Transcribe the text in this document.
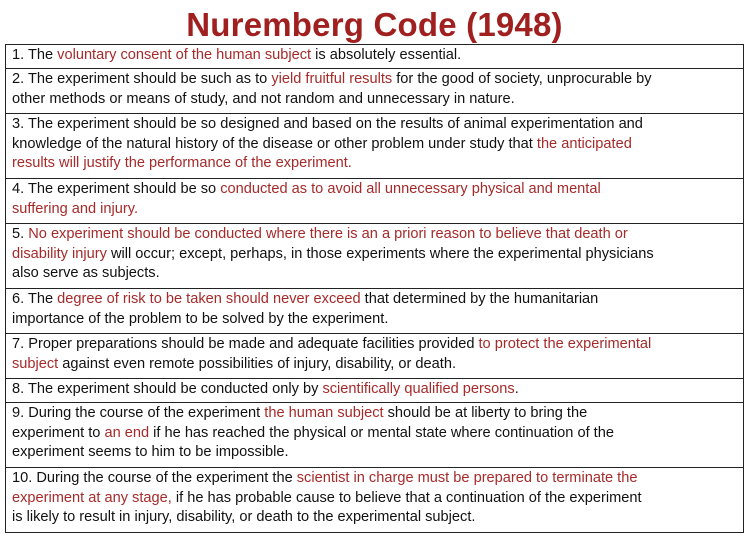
Nuremberg Code (1948)
1. The voluntary consent of the human subject is absolutely essential.
2. The experiment should be such as to yield fruitful results for the good of society, unprocurable by
other methods or means of study, and not random and unnecessary in nature.
3. The experiment should be so designed and based on the results of animal experimentation and
knowledge of the natural history of the disease or other problem under study that the anticipated
results will justify the performance of the experiment.
4. The experiment should be so conducted as to avoid all unnecessary physical and mental
suffering and injury.
5. No experiment should be conducted where there is an a priori reason to believe that death or
disability injury will occur; except, perhaps, in those experiments where the experimental physicians
also serve as subjects.
6. The degree of risk to be taken should never exceed that determined by the humanitarian
importance of the problem to be solved by the experiment.
7. Proper preparations should be made and adequate facilities provided to protect the experimental
subject against even remote possibilities of injury, disability, or death.
8. The experiment should be conducted only by scientifically qualified persons.
9. During the course of the experiment the human subject should be at liberty to bring the
experiment to an end if he has reached the physical or mental state where continuation of the
experiment seems to him to be impossible.
10. During the course of the experiment the scientist in charge must be prepared to terminate the
experiment at any stage, if he has probable cause to believe that a continuation of the experiment
is likely to result in injury, disability, or death to the experimental subject.
